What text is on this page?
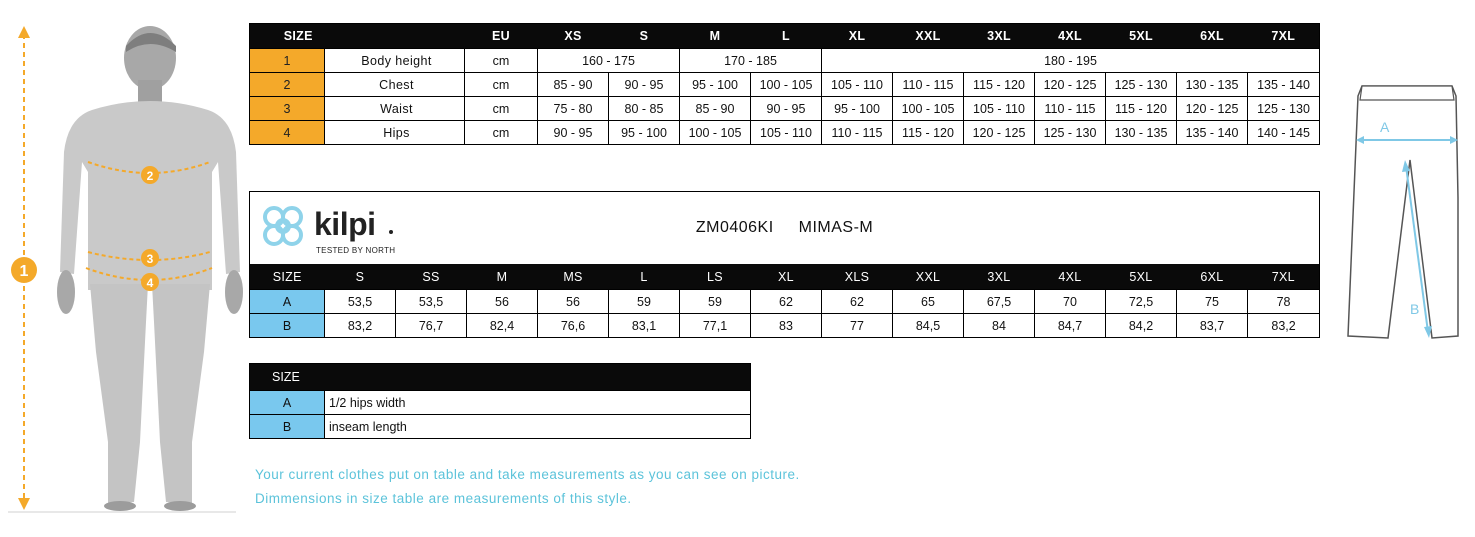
1
2
3
4
SIZE		EU	XS	S	M	L	XL	XXL	3XL	4XL	5XL	6XL	7XL
1	Body height	cm	160 - 175		170 - 185		180 - 195						
2	Chest	cm	85 - 90	90 - 95	95 - 100	100 - 105	105 - 110	110 - 115	115 - 120	120 - 125	125 - 130	130 - 135	135 - 140
3	Waist	cm	75 - 80	80 - 85	85 - 90	90 - 95	95 - 100	100 - 105	105 - 110	110 - 115	115 - 120	120 - 125	125 - 130
4	Hips	cm	90 - 95	95 - 100	100 - 105	105 - 110	110 - 115	115 - 120	120 - 125	125 - 130	130 - 135	135 - 140	140 - 145
ZM0406KI MIMAS-M														

SIZE	S	SS	M	MS	L	LS	XL	XLS	XXL	3XL	4XL	5XL	6XL	7XL
A	53,5	53,5	56	56	59	59	62	62	65	67,5	70	72,5	75	78
B	83,2	76,7	82,4	76,6	83,1	77,1	83	77	84,5	84	84,7	84,2	83,7	83,2
kilpi
TESTED BY NORTH
SIZE	
A	1/2 hips width
B	inseam length
Your current clothes put on table and take measurements as you can see on picture.
Dimmensions in size table are measurements of this style.
A
B
